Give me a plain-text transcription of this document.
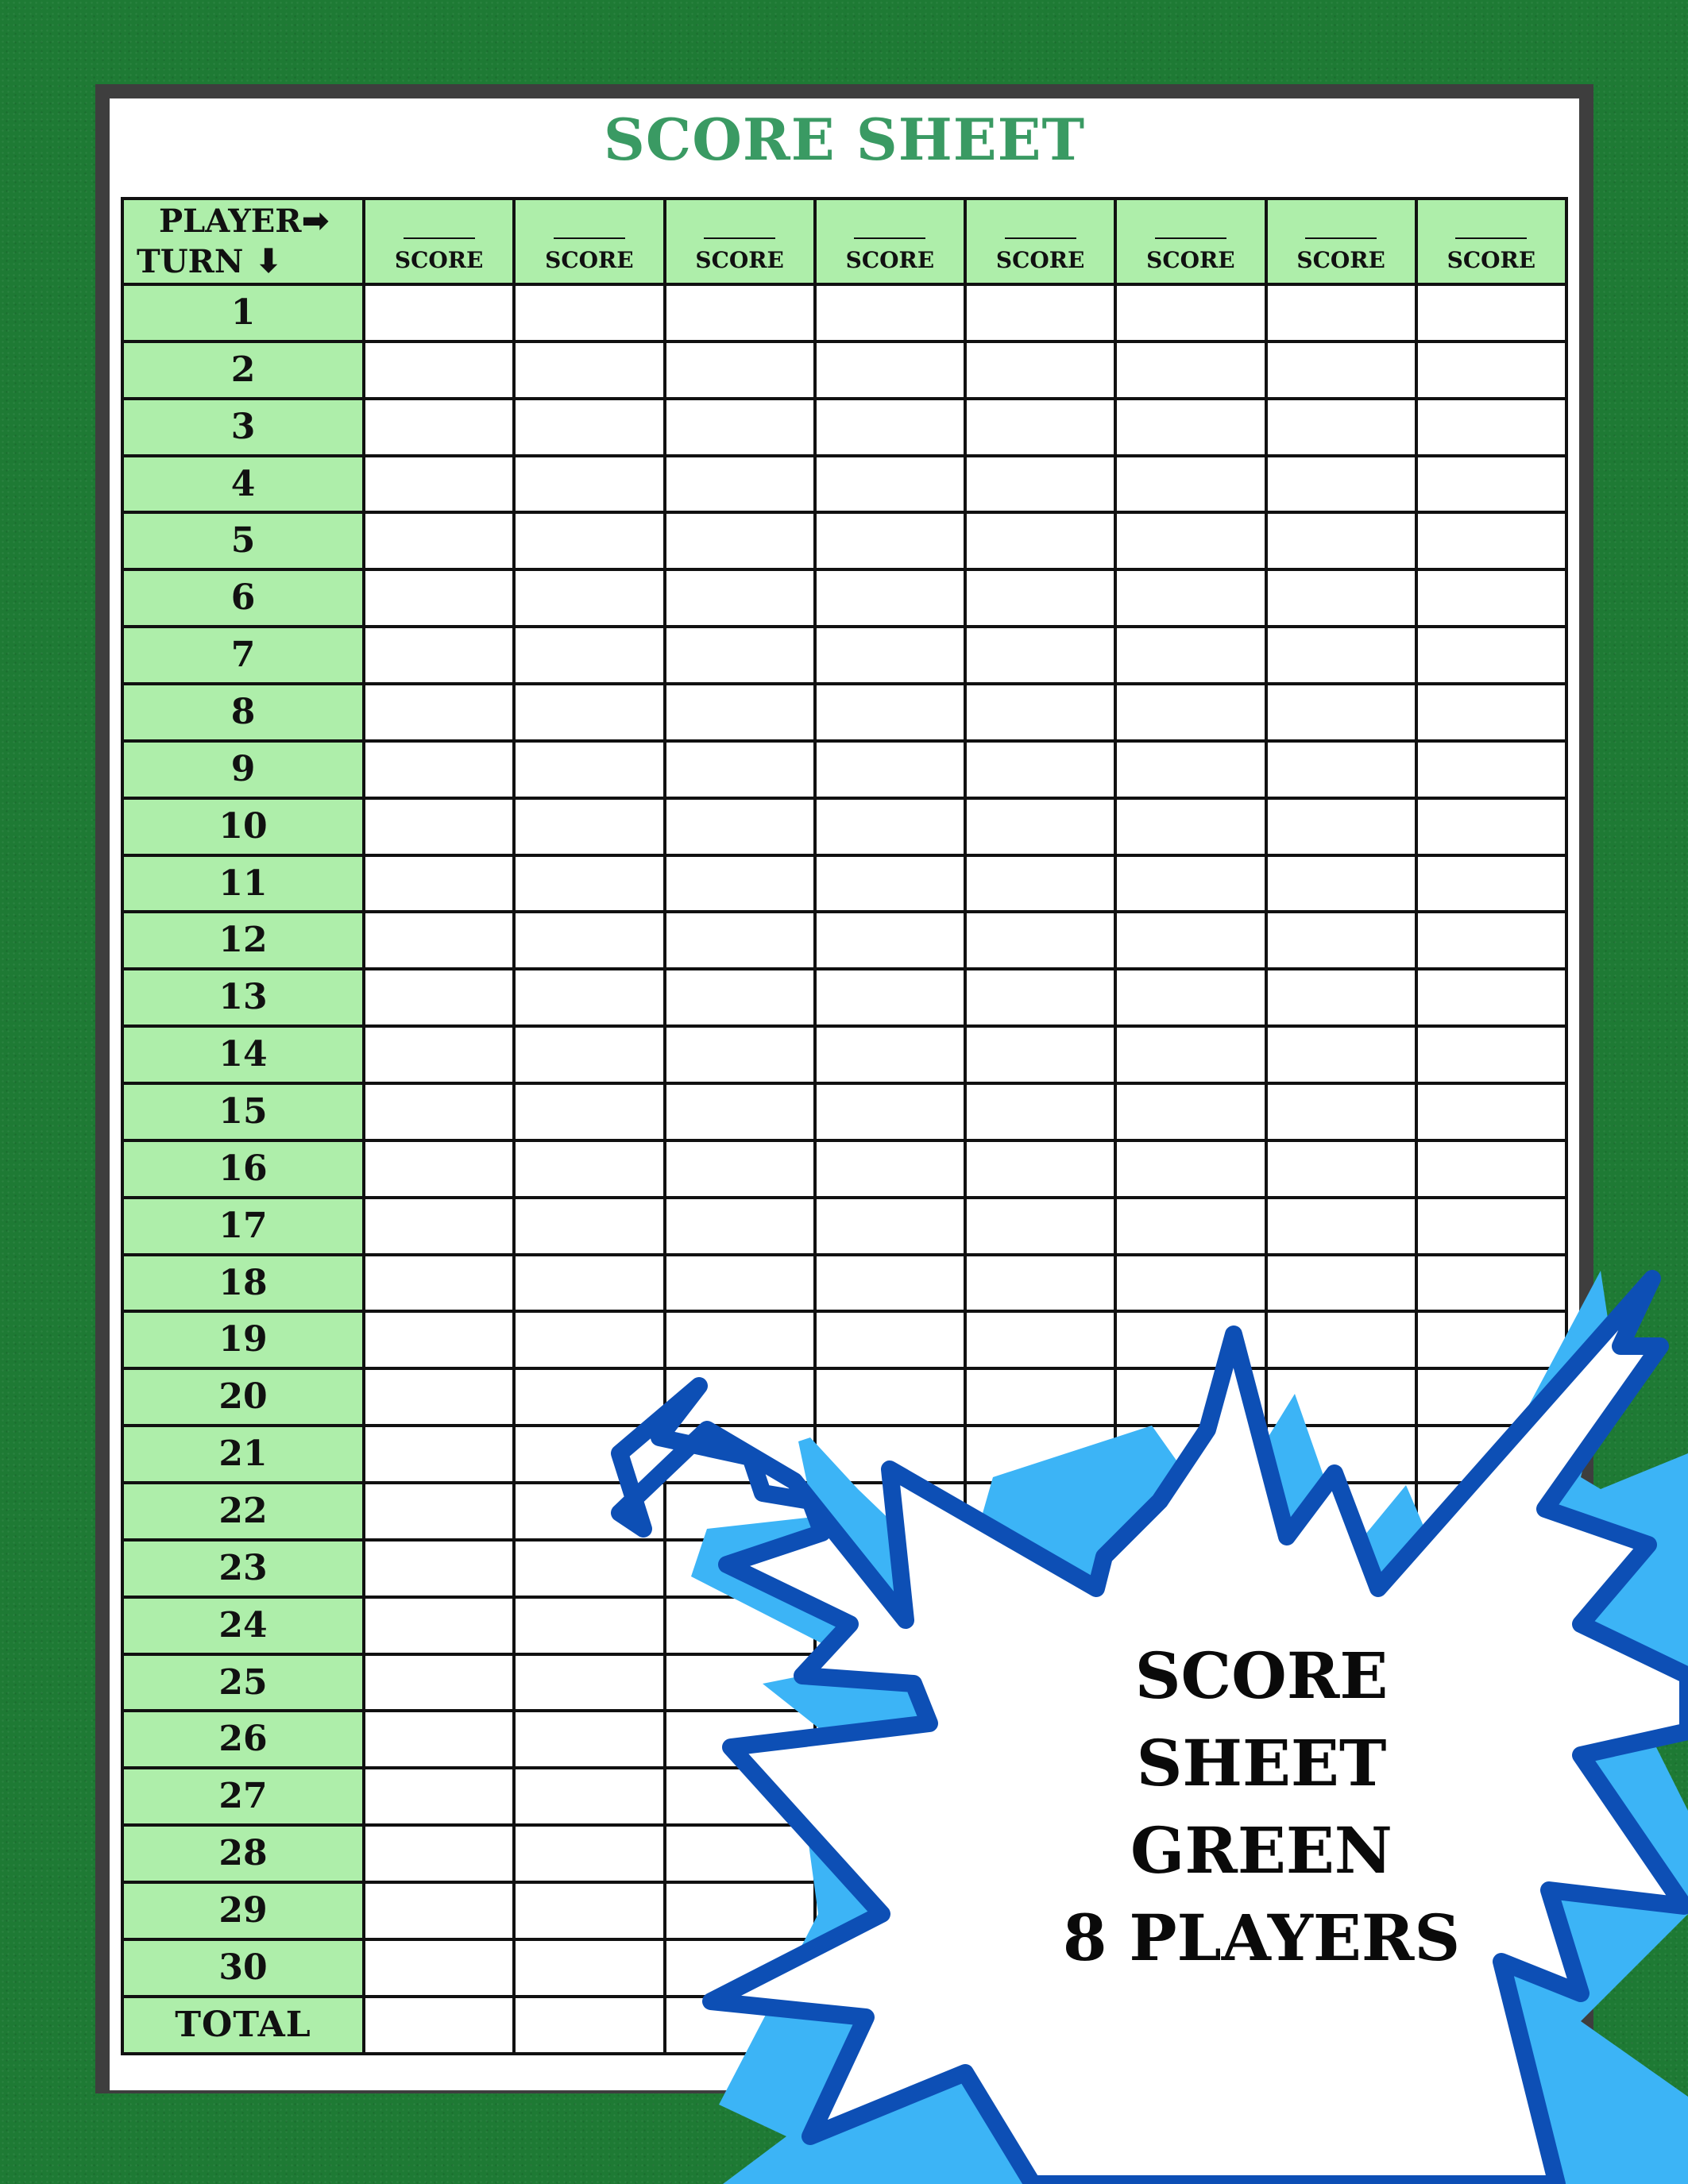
SCORE SHEET
PLAYER➡
TURN ⬇	SCORE	SCORE	SCORE	SCORE	SCORE	SCORE	SCORE	SCORE

1								
2								
3								
4								
5								
6								
7								
8								
9								
10								
11								
12								
13								
14								
15								
16								
17								
18								
19								
20								
21								
22								
23								
24								
25								
26								
27								
28								
29								
30								
TOTAL								
SCORE
SHEET
GREEN
8 PLAYERS
